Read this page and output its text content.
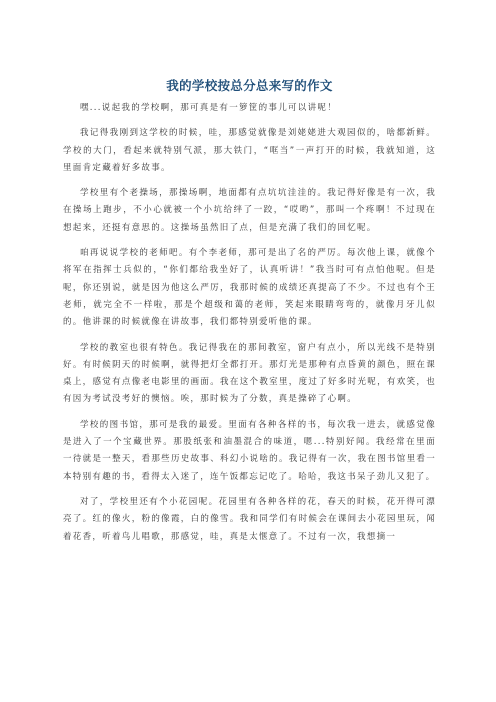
我的学校按总分总来写的作文

嘿...说起我的学校啊，那可真是有一箩筐的事儿可以讲呢！

我记得我刚到这学校的时候，哇，那感觉就像是刘姥姥进大观园似的，啥都新鲜。学校的大门，看起来就特别气派，那大铁门，“哐当”一声打开的时候，我就知道，这里面肯定藏着好多故事。

学校里有个老操场，那操场啊，地面都有点坑坑洼洼的。我记得好像是有一次，我在操场上跑步，不小心就被一个小坑给绊了一跤，“哎哟”，那叫一个疼啊！不过现在想起来，还挺有意思的。这操场虽然旧了点，但是充满了我们的回忆呢。

咱再说说学校的老师吧。有个李老师，那可是出了名的严厉。每次他上课，就像个将军在指挥士兵似的，“你们都给我坐好了，认真听讲！”我当时可有点怕他呢。但是呢，你还别说，就是因为他这么严厉，我那时候的成绩还真提高了不少。不过也有个王老师，就完全不一样啦，那是个超级和蔼的老师，笑起来眼睛弯弯的，就像月牙儿似的。他讲课的时候就像在讲故事，我们都特别爱听他的课。

学校的教室也很有特色。我记得我在的那间教室，窗户有点小，所以光线不是特别好。有时候阴天的时候啊，就得把灯全都打开。那灯光是那种有点昏黄的颜色，照在课桌上，感觉有点像老电影里的画面。我在这个教室里，度过了好多时光呢，有欢笑，也有因为考试没考好的懊恼。唉，那时候为了分数，真是操碎了心啊。

学校的图书馆，那可是我的最爱。里面有各种各样的书，每次我一进去，就感觉像是进入了一个宝藏世界。那股纸张和油墨混合的味道，嗯...特别好闻。我经常在里面一待就是一整天，看那些历史故事、科幻小说啥的。我记得有一次，我在图书馆里看一本特别有趣的书，看得太入迷了，连午饭都忘记吃了。哈哈，我这书呆子劲儿又犯了。

对了，学校里还有个小花园呢。花园里有各种各样的花，春天的时候，花开得可漂亮了。红的像火，粉的像霞，白的像雪。我和同学们有时候会在课间去小花园里玩，闻着花香，听着鸟儿唱歌，那感觉，哇，真是太惬意了。不过有一次，我想摘一
